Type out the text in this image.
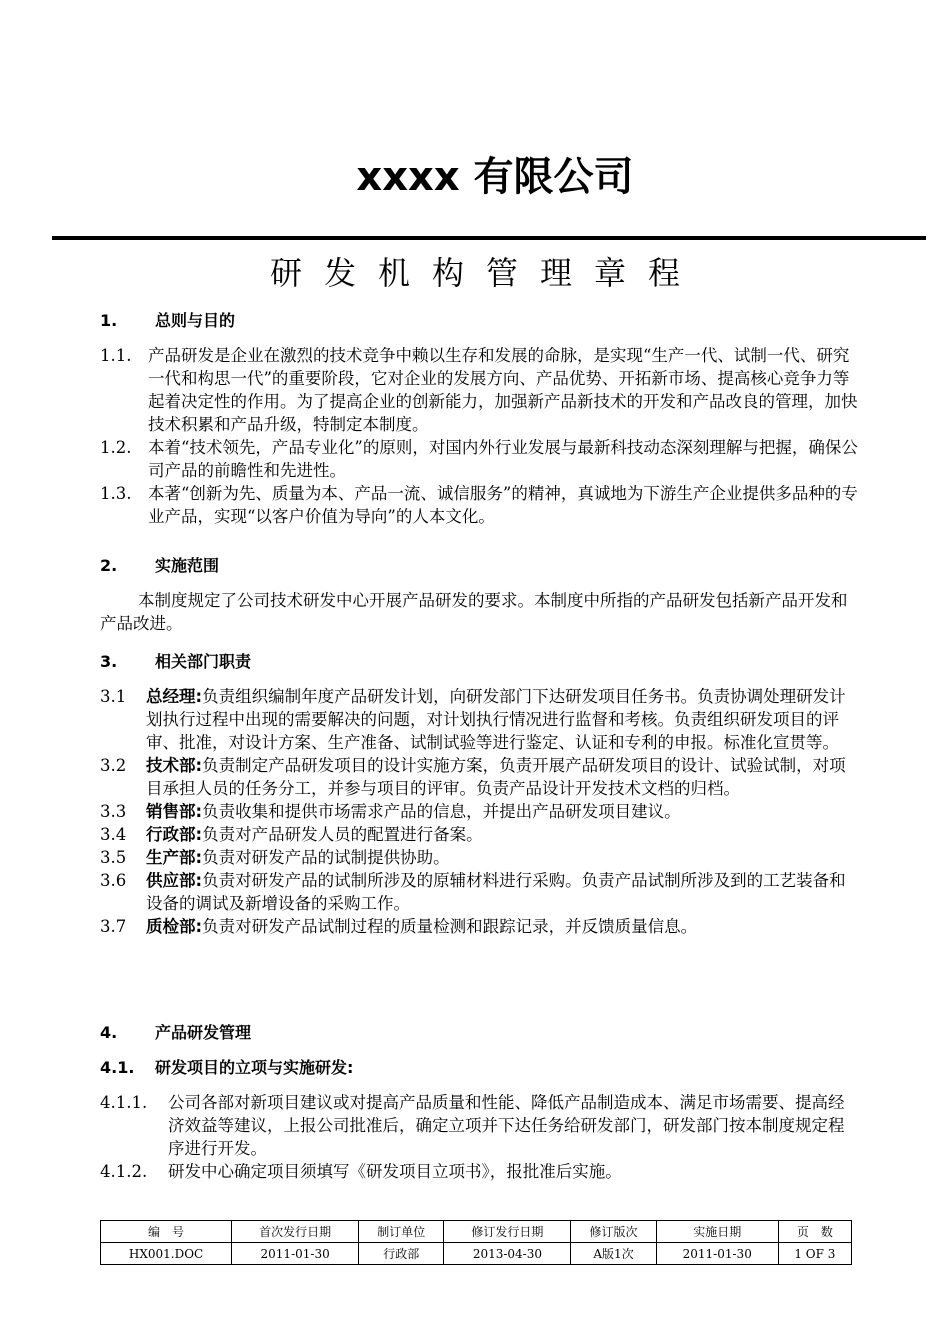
xxxx 有限公司
研发机构管理章程
1. 总则与目的
1.1. 产品研发是企业在激烈的技术竞争中赖以生存和发展的命脉，是实现“生产一代、试制一代、研究一代和构思一代”的重要阶段，它对企业的发展方向、产品优势、开拓新市场、提高核心竞争力等起着决定性的作用。为了提高企业的创新能力，加强新产品新技术的开发和产品改良的管理，加快技术积累和产品升级，特制定本制度。
1.2. 本着“技术领先，产品专业化”的原则，对国内外行业发展与最新科技动态深刻理解与把握，确保公司产品的前瞻性和先进性。
1.3. 本著“创新为先、质量为本、产品一流、诚信服务”的精神，真诚地为下游生产企业提供多品种的专业产品，实现“以客户价值为导向”的人本文化。
2. 实施范围
本制度规定了公司技术研发中心开展产品研发的要求。本制度中所指的产品研发包括新产品开发和产品改进。
3. 相关部门职责
3.1 总经理:负责组织编制年度产品研发计划，向研发部门下达研发项目任务书。负责协调处理研发计划执行过程中出现的需要解决的问题，对计划执行情况进行监督和考核。负责组织研发项目的评审、批准，对设计方案、生产准备、试制试验等进行鉴定、认证和专利的申报。标准化宣贯等。
3.2 技术部:负责制定产品研发项目的设计实施方案，负责开展产品研发项目的设计、试验试制，对项目承担人员的任务分工，并参与项目的评审。负责产品设计开发技术文档的归档。
3.3 销售部:负责收集和提供市场需求产品的信息，并提出产品研发项目建议。
3.4 行政部:负责对产品研发人员的配置进行备案。
3.5 生产部:负责对研发产品的试制提供协助。
3.6 供应部:负责对研发产品的试制所涉及的原辅材料进行采购。负责产品试制所涉及到的工艺装备和设备的调试及新增设备的采购工作。
3.7 质检部:负责对研发产品试制过程的质量检测和跟踪记录，并反馈质量信息。
4. 产品研发管理
4.1. 研发项目的立项与实施研发:
4.1.1. 公司各部对新项目建议或对提高产品质量和性能、降低产品制造成本、满足市场需要、提高经济效益等建议，上报公司批准后，确定立项并下达任务给研发部门，研发部门按本制度规定程序进行开发。
4.1.2. 研发中心确定项目须填写《研发项目立项书》，报批准后实施。
编　号	首次发行日期	制订单位	修订发行日期	修订版次	实施日期	页　数
HX001.DOC	2011-01-30	行政部	2013-04-30	A版1次	2011-01-30	1 OF 3
